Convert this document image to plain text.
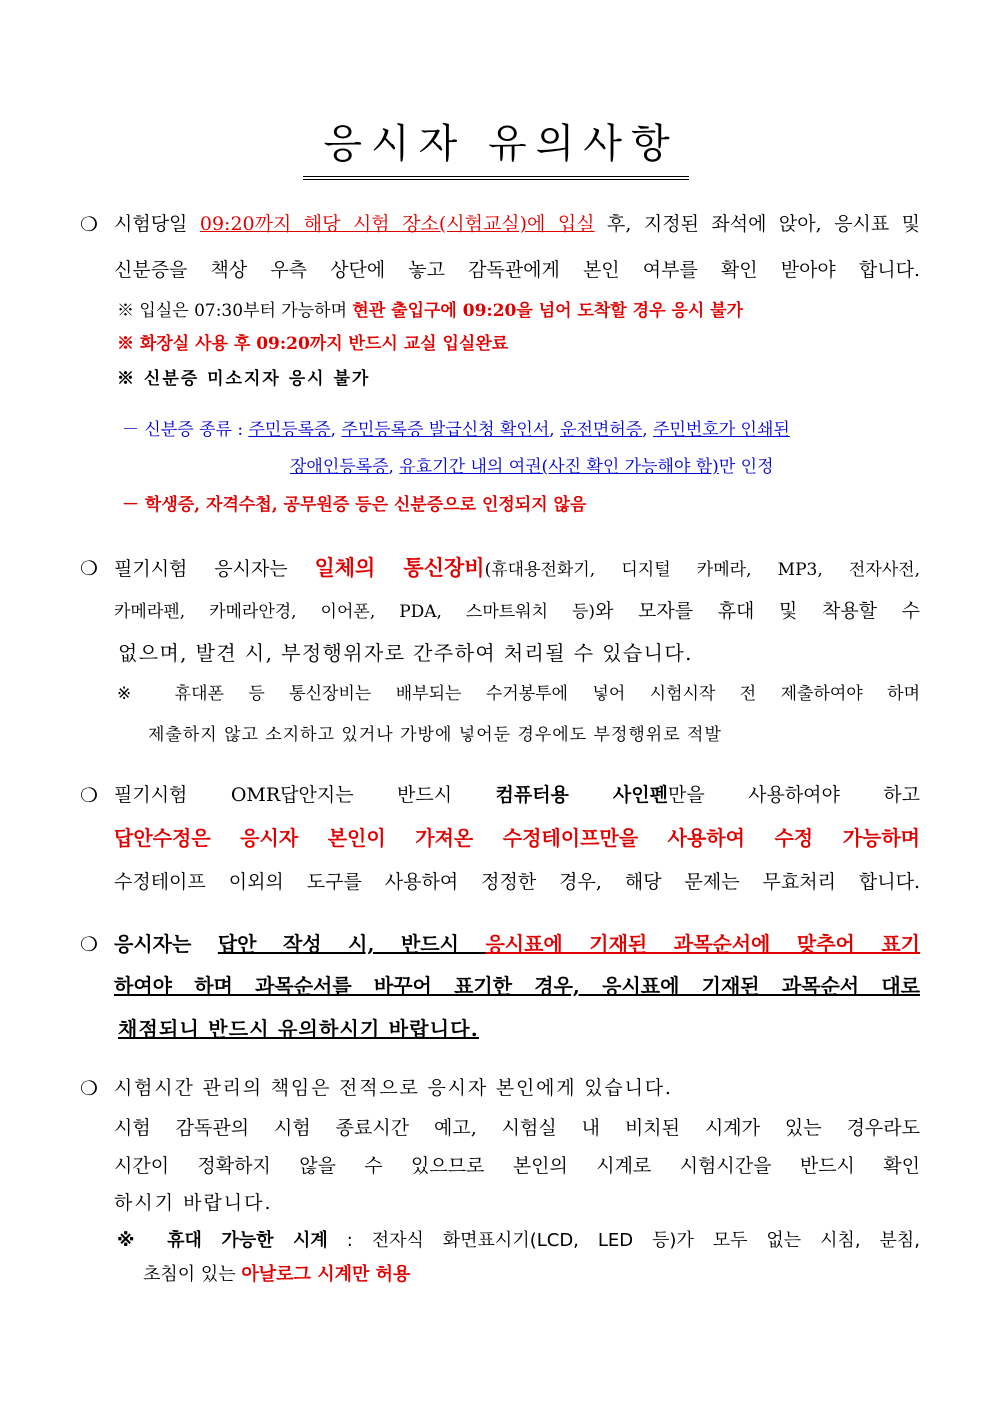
응시자 유의사항
❍ 시험당일 09:20까지 해당 시험 장소(시험교실)에 입실 후, 지정된 좌석에 앉아, 응시표 및
신분증을 책상 우측 상단에 놓고 감독관에게 본인 여부를 확인 받아야 합니다.
※ 입실은 07:30부터 가능하며 현관 출입구에 09:20을 넘어 도착할 경우 응시 불가
※ 화장실 사용 후 09:20까지 반드시 교실 입실완료
※ 신분증 미소지자 응시 불가
－ 신분증 종류 : 주민등록증, 주민등록증 발급신청 확인서, 운전면허증, 주민번호가 인쇄된
장애인등록증, 유효기간 내의 여권(사진 확인 가능해야 함)만 인정
－ 학생증, 자격수첩, 공무원증 등은 신분증으로 인정되지 않음
❍ 필기시험 응시자는 일체의 통신장비(휴대용전화기, 디지털 카메라, MP3, 전자사전,
카메라펜, 카메라안경, 이어폰, PDA, 스마트워치 등)와 모자를 휴대 및 착용할 수
없으며, 발견 시, 부정행위자로 간주하여 처리될 수 있습니다.
※ 휴대폰 등 통신장비는 배부되는 수거봉투에 넣어 시험시작 전 제출하여야 하며
제출하지 않고 소지하고 있거나 가방에 넣어둔 경우에도 부정행위로 적발
❍ 필기시험 OMR답안지는 반드시 컴퓨터용 사인펜만을 사용하여야 하고
답안수정은 응시자 본인이 가져온 수정테이프만을 사용하여 수정 가능하며
수정테이프 이외의 도구를 사용하여 정정한 경우, 해당 문제는 무효처리 합니다.
❍ 응시자는 답안 작성 시, 반드시 응시표에 기재된 과목순서에 맞추어 표기
하여야 하며 과목순서를 바꾸어 표기한 경우, 응시표에 기재된 과목순서 대로
채점되니 반드시 유의하시기 바랍니다.
❍ 시험시간 관리의 책임은 전적으로 응시자 본인에게 있습니다.
시험 감독관의 시험 종료시간 예고, 시험실 내 비치된 시계가 있는 경우라도
시간이 정확하지 않을 수 있으므로 본인의 시계로 시험시간을 반드시 확인
하시기 바랍니다.
※ 휴대 가능한 시계 : 전자식 화면표시기(LCD, LED 등)가 모두 없는 시침, 분침,
초침이 있는 아날로그 시계만 허용
